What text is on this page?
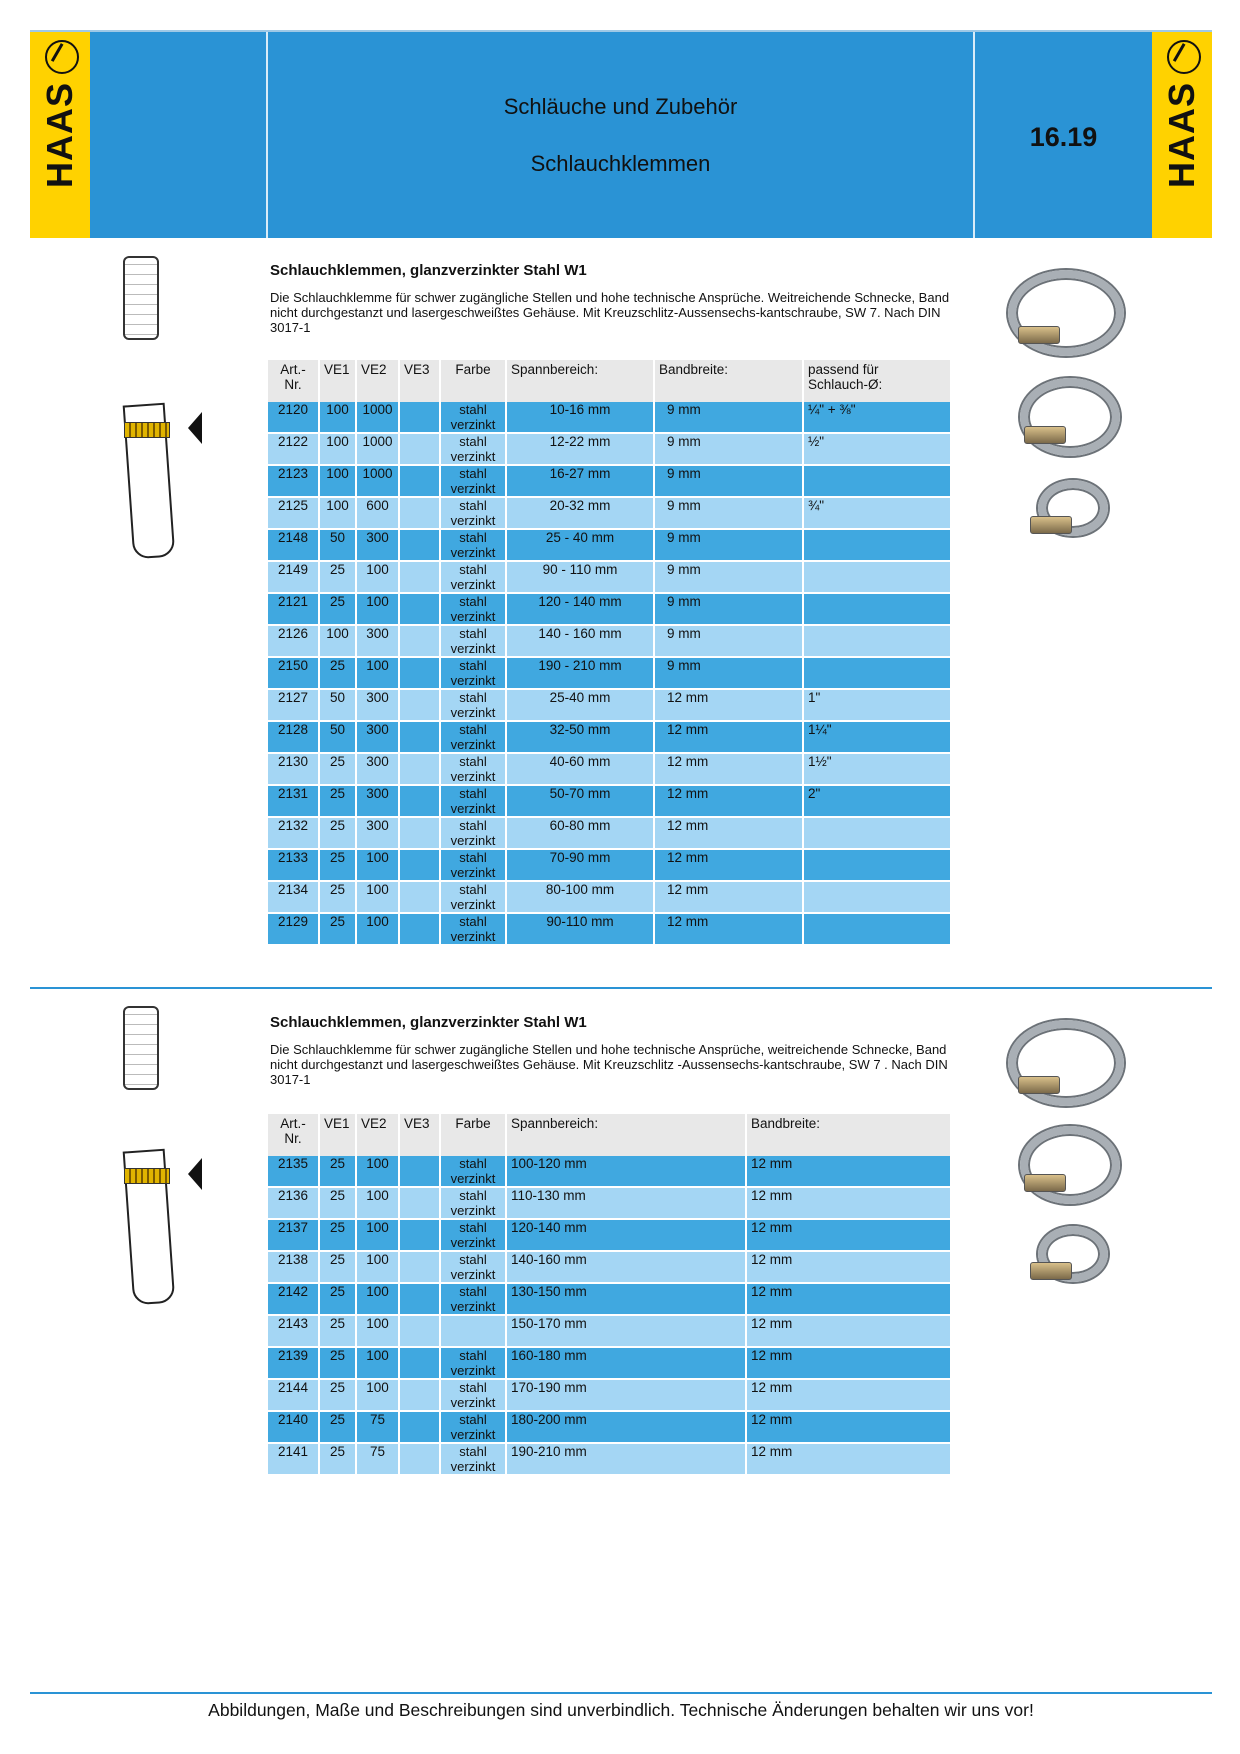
HAAS	Schläuche und Zubehör
Schlauchklemmen
16.19	HAAS
Schlauchklemmen, glanzverzinkter Stahl W1
Die Schlauchklemme für schwer zugängliche Stellen und hohe technische Ansprüche. Weitreichende Schnecke, Band nicht durchgestanzt und lasergeschweißtes Gehäuse. Mit Kreuzschlitz-Aussensechs-kantschraube, SW 7. Nach DIN 3017-1
Art.-
Nr.	VE1	VE2	VE3	Farbe	Spannbereich:	Bandbreite:	passend für
Schlauch-Ø:
2120	100	1000		stahl verzinkt	10-16 mm	9 mm	¼" + ⅜"
2122	100	1000		stahl verzinkt	12-22 mm	9 mm	½"
2123	100	1000		stahl verzinkt	16-27 mm	9 mm	
2125	100	600		stahl verzinkt	20-32 mm	9 mm	¾"
2148	50	300		stahl verzinkt	25 - 40 mm	9 mm	
2149	25	100		stahl verzinkt	90 - 110 mm	9 mm	
2121	25	100		stahl verzinkt	120 - 140 mm	9 mm	
2126	100	300		stahl verzinkt	140 - 160 mm	9 mm	
2150	25	100		stahl verzinkt	190 - 210 mm	9 mm	
2127	50	300		stahl verzinkt	25-40 mm	12 mm	1"
2128	50	300		stahl verzinkt	32-50 mm	12 mm	1¼"
2130	25	300		stahl verzinkt	40-60 mm	12 mm	1½"
2131	25	300		stahl verzinkt	50-70 mm	12 mm	2"
2132	25	300		stahl verzinkt	60-80 mm	12 mm	
2133	25	100		stahl verzinkt	70-90 mm	12 mm	
2134	25	100		stahl verzinkt	80-100 mm	12 mm	
2129	25	100		stahl verzinkt	90-110 mm	12 mm	
Schlauchklemmen, glanzverzinkter Stahl W1
Die Schlauchklemme für schwer zugängliche Stellen und hohe technische Ansprüche, weitreichende Schnecke, Band nicht durchgestanzt und lasergeschweißtes Gehäuse. Mit Kreuzschlitz -Aussensechs-kantschraube, SW 7 . Nach DIN 3017-1
Art.-
Nr.	VE1	VE2	VE3	Farbe	Spannbereich:	Bandbreite:
2135	25	100		stahl verzinkt	100-120 mm	12 mm
2136	25	100		stahl verzinkt	110-130 mm	12 mm
2137	25	100		stahl verzinkt	120-140 mm	12 mm
2138	25	100		stahl verzinkt	140-160 mm	12 mm
2142	25	100		stahl verzinkt	130-150 mm	12 mm
2143	25	100			150-170 mm	12 mm
2139	25	100		stahl verzinkt	160-180 mm	12 mm
2144	25	100		stahl verzinkt	170-190 mm	12 mm
2140	25	75		stahl verzinkt	180-200 mm	12 mm
2141	25	75		stahl verzinkt	190-210 mm	12 mm
Abbildungen, Maße und Beschreibungen sind unverbindlich. Technische Änderungen behalten wir uns vor!
